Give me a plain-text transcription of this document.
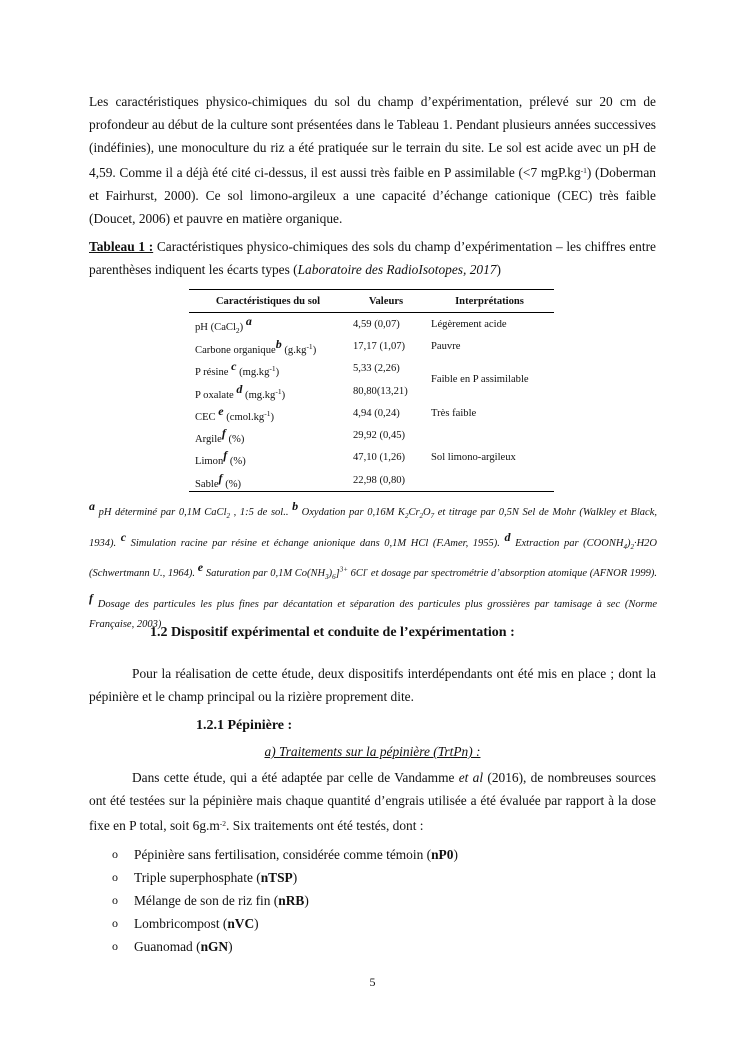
Les caractéristiques physico-chimiques du sol du champ d’expérimentation, prélevé sur 20 cm de profondeur au début de la culture sont présentées dans le Tableau 1. Pendant plusieurs années successives (indéfinies), une monoculture du riz a été pratiquée sur le terrain du site. Le sol est acide avec un pH de 4,59. Comme il a déjà été cité ci-dessus, il est aussi très faible en P assimilable (<7 $mgP.kg^{-1}$) (Doberman et Fairhurst, 2000). Ce sol limono-argileux a une capacité d’échange cationique (CEC) très faible (Doucet, 2006) et pauvre en matière organique.

Tableau 1 : Caractéristiques physico-chimiques des sols du champ d’expérimentation – les chiffres entre parenthèses indiquent les écarts types (Laboratoire des RadioIsotopes, 2017)

Caractéristiques du sol	Valeurs	Interprétations
pH (CaCl$_2$) a	4,59 (0,07)	Légèrement acide
Carbone organiqueb $(g.kg^{-1})$	17,17 (1,07)	Pauvre
P résine c $(mg.kg^{-1})$	5,33 (2,26)	Faible en P assimilable
P oxalate d $(mg.kg^{-1})$	80,80(13,21)	
CEC e $(cmol.kg^{-1})$	4,94 (0,24)	Très faible
Argilef (%)	29,92 (0,45)	
Limonf (%)	47,10 (1,26)	Sol limono-argileux
Sablef (%)	22,98 (0,80)	

a pH déterminé par 0,1M CaCl$_2$ , 1:5 de sol.. b Oxydation par 0,16M $K_2Cr_2O_7$ et titrage par 0,5N Sel de Mohr (Walkley et Black, 1934). c Simulation racine par résine et échange anionique dans 0,1M HCl (F.Amer, 1955). d Extraction par $(COONH_4)_2\cdot H2O$ (Schwertmann U., 1964). e Saturation par 0,1M $Co(NH_3)_6]^{3+}$ 6Cl- et dosage par spectrométrie d’absorption atomique (AFNOR 1999). f Dosage des particules les plus fines par décantation et séparation des particules plus grossières par tamisage à sec (Norme Française, 2003)

1.2 Dispositif expérimental et conduite de l’expérimentation :

Pour la réalisation de cette étude, deux dispositifs interdépendants ont été mis en place ; dont la pépinière et le champ principal ou la rizière proprement dite.

1.2.1 Pépinière :

a) Traitements sur la pépinière (TrtPn) :

Dans cette étude, qui a été adaptée par celle de Vandamme et al (2016), de nombreuses sources ont été testées sur la pépinière mais chaque quantité d’engrais utilisée a été évaluée par rapport à la dose fixe en P total, soit $6g.m^{-2}$. Six traitements ont été testés, dont :

o Pépinière sans fertilisation, considérée comme témoin (nP0)
o Triple superphosphate (nTSP)
o Mélange de son de riz fin (nRB)
o Lombricompost (nVC)
o Guanomad (nGN)
5
